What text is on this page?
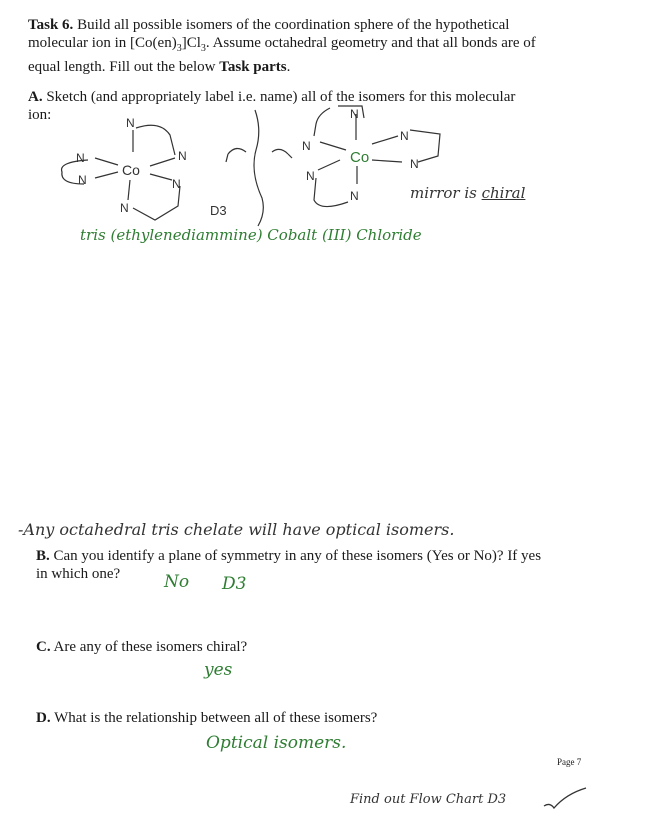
Task 6. Build all possible isomers of the coordination sphere of the hypothetical
molecular ion in $[Co(en)_3]Cl_3$. Assume octahedral geometry and that all bonds are of
equal length. Fill out the below Task parts.
A. Sketch (and appropriately label i.e. name) all of the isomers for this molecular
ion:	N
N	N
N	N
N
Co
D3
N
N
N
N
N
N
Co
mirror is chiral
tris (ethylenediammine) Cobalt (III) Chloride
-Any octahedral tris chelate will have optical isomers.
B. Can you identify a plane of symmetry in any of these isomers (Yes or No)? If yes
in which one?	No D3
C. Are any of these isomers chiral?
yes
D. What is the relationship between all of these isomers?
Optical isomers.
Page 7
Find out Flow Chart D3
